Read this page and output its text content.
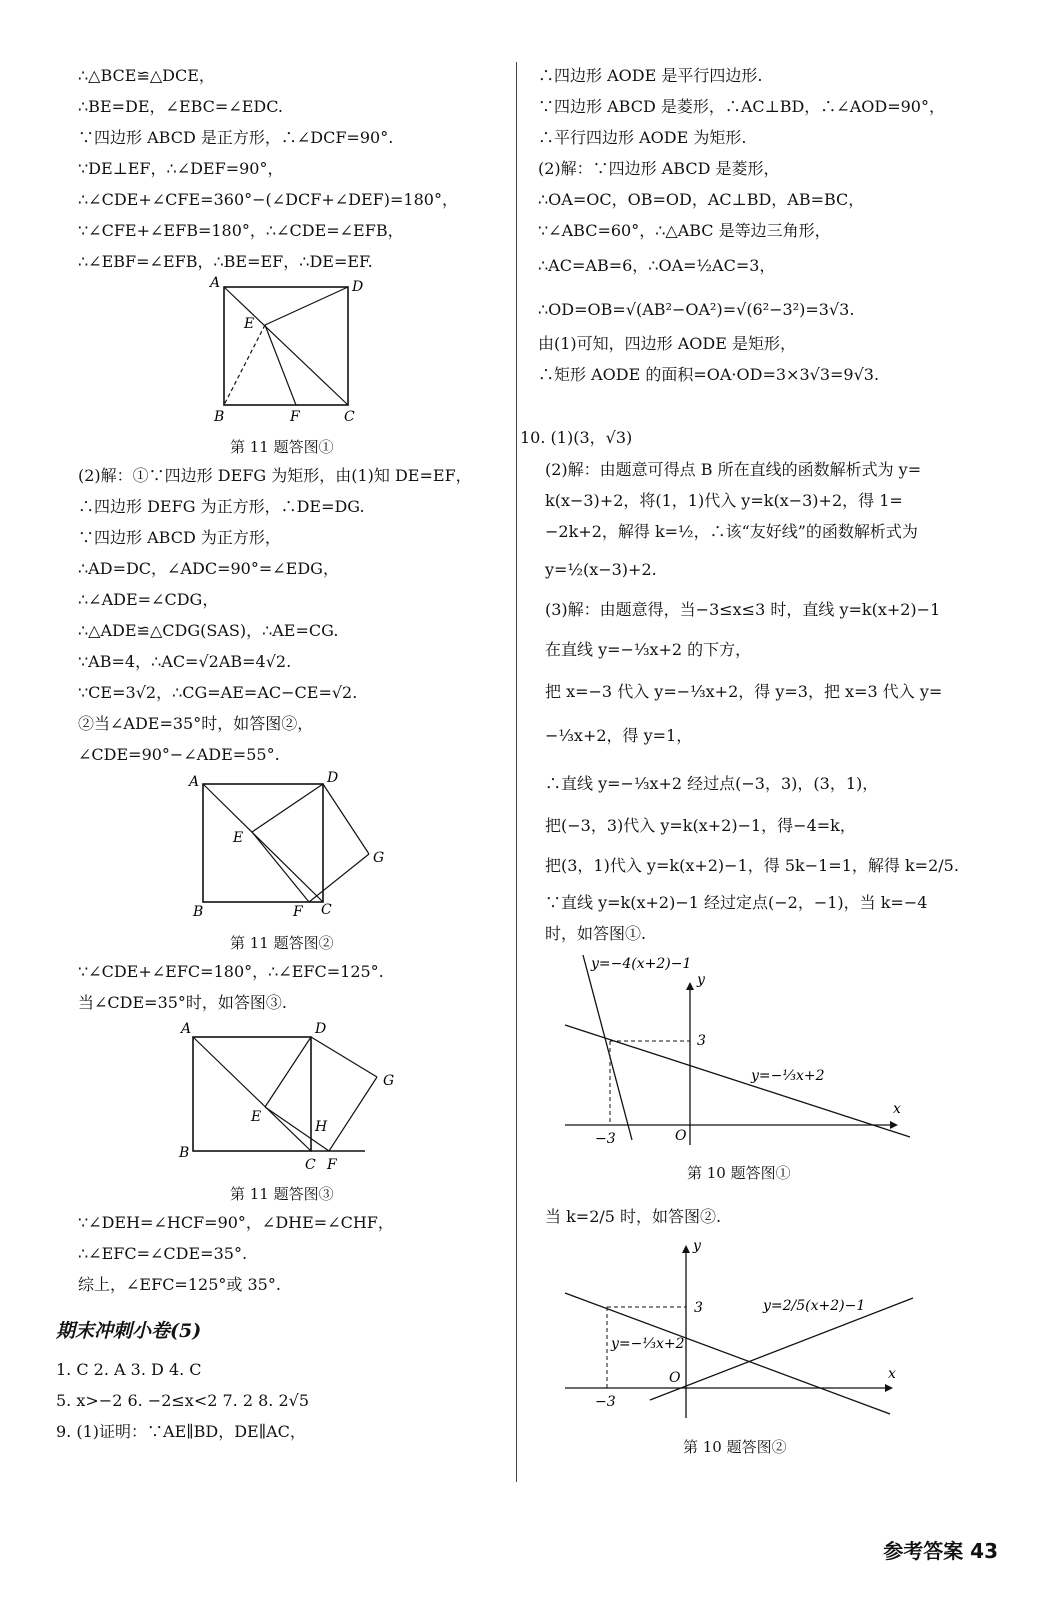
∴△BCE≌△DCE，
∴BE=DE，∠EBC=∠EDC.
∵四边形 ABCD 是正方形，∴∠DCF=90°.
∵DE⊥EF，∴∠DEF=90°，
∴∠CDE+∠CFE=360°−(∠DCF+∠DEF)=180°，
∵∠CFE+∠EFB=180°，∴∠CDE=∠EFB，
∴∠EBF=∠EFB，∴BE=EF，∴DE=EF.
A	D
E
B	F	C
第 11 题答图①
(2)解：①∵四边形 DEFG 为矩形，由(1)知 DE=EF，
∴四边形 DEFG 为正方形，∴DE=DG.
∵四边形 ABCD 为正方形，
∴AD=DC，∠ADC=90°=∠EDG，
∴∠ADE=∠CDG，
∴△ADE≌△CDG(SAS)，∴AE=CG.
∵AB=4，∴AC=√2AB=4√2.
∵CE=3√2，∴CG=AE=AC−CE=√2.
②当∠ADE=35°时，如答图②，
∠CDE=90°−∠ADE=55°.
A	D
E
G
B	F C
第 11 题答图②
∵∠CDE+∠EFC=180°，∴∠EFC=125°.
当∠CDE=35°时，如答图③.
A	D
G
E
H
B
C F
第 11 题答图③
∵∠DEH=∠HCF=90°，∠DHE=∠CHF，
∴∠EFC=∠CDE=35°.
综上，∠EFC=125°或 35°.
期末冲刺小卷(5)
1. C 2. A 3. D 4. C
5. x>−2 6. −2≤x<2 7. 2 8. 2√5
9. (1)证明：∵AE∥BD，DE∥AC，
∴四边形 AODE 是平行四边形.
∵四边形 ABCD 是菱形，∴AC⊥BD，∴∠AOD=90°，
∴平行四边形 AODE 为矩形.
(2)解：∵四边形 ABCD 是菱形，
∴OA=OC，OB=OD，AC⊥BD，AB=BC，
∵∠ABC=60°，∴△ABC 是等边三角形，
∴AC=AB=6，∴OA=½AC=3，
∴OD=OB=√(AB²−OA²)=√(6²−3²)=3√3.
由(1)可知，四边形 AODE 是矩形，
∴矩形 AODE 的面积=OA·OD=3×3√3=9√3.
10. (1)(3，√3)
(2)解：由题意可得点 B 所在直线的函数解析式为 y=
k(x−3)+2，将(1，1)代入 y=k(x−3)+2，得 1=
−2k+2，解得 k=½，∴该“友好线”的函数解析式为
y=½(x−3)+2.
(3)解：由题意得，当−3≤x≤3 时，直线 y=k(x+2)−1
在直线 y=−⅓x+2 的下方，
把 x=−3 代入 y=−⅓x+2，得 y=3，把 x=3 代入 y=
−⅓x+2，得 y=1，
∴直线 y=−⅓x+2 经过点(−3，3)，(3，1)，
把(−3，3)代入 y=k(x+2)−1，得−4=k，
把(3，1)代入 y=k(x+2)−1，得 5k−1=1，解得 k=2/5.
∵直线 y=k(x+2)−1 经过定点(−2，−1)，当 k=−4
时，如答图①.
y=−4(x+2)−1
y=−⅓x+2
y
x
3
−3	O
第 10 题答图①
当 k=2/5 时，如答图②.
y=2/5(x+2)−1
y=−⅓x+2
y
x
3
−3
O
第 10 题答图②
参考答案 43
